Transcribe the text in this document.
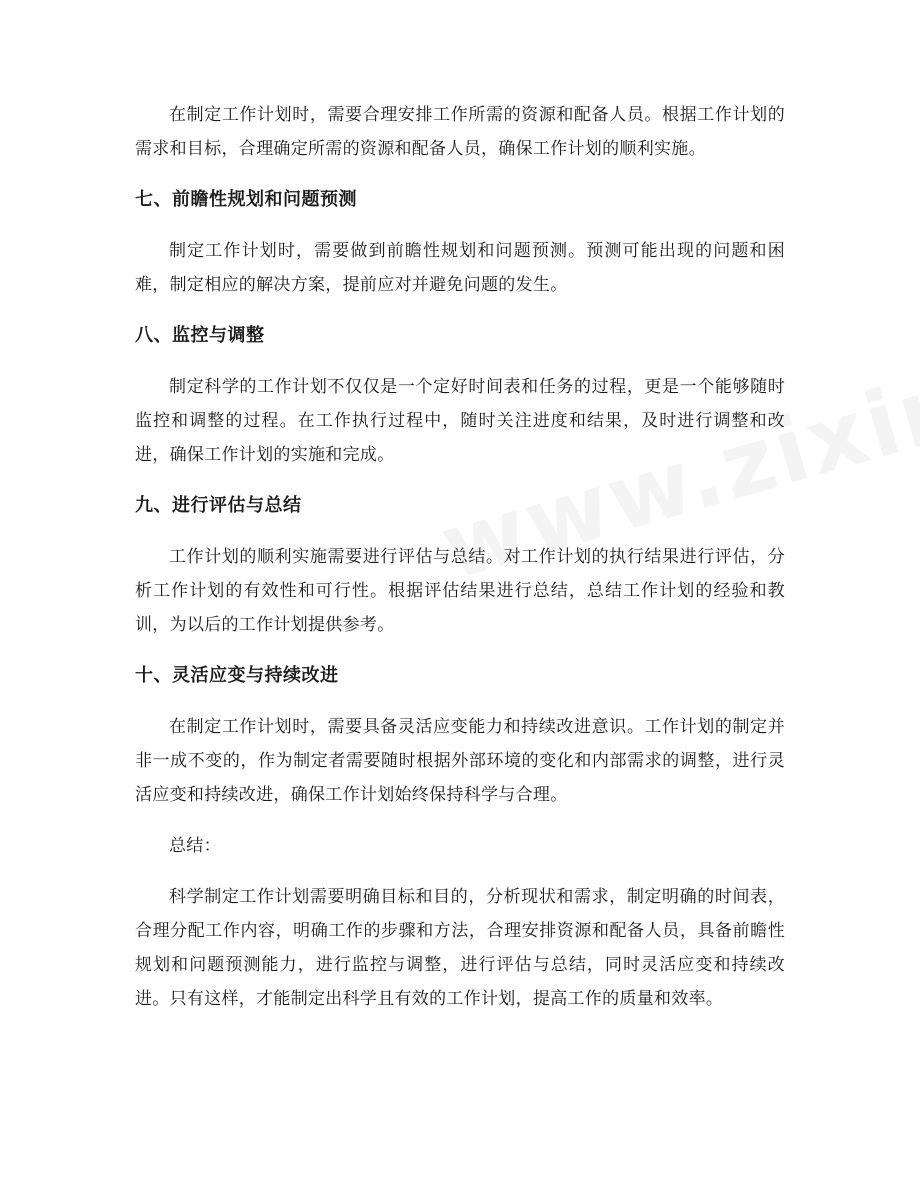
在制定工作计划时，需要合理安排工作所需的资源和配备人员。根据工作计划的需求和目标，合理确定所需的资源和配备人员，确保工作计划的顺利实施。

七、前瞻性规划和问题预测

制定工作计划时，需要做到前瞻性规划和问题预测。预测可能出现的问题和困难，制定相应的解决方案，提前应对并避免问题的发生。

八、监控与调整

制定科学的工作计划不仅仅是一个定好时间表和任务的过程，更是一个能够随时监控和调整的过程。在工作执行过程中，随时关注进度和结果，及时进行调整和改进，确保工作计划的实施和完成。

九、进行评估与总结

工作计划的顺利实施需要进行评估与总结。对工作计划的执行结果进行评估，分析工作计划的有效性和可行性。根据评估结果进行总结，总结工作计划的经验和教训，为以后的工作计划提供参考。

十、灵活应变与持续改进

在制定工作计划时，需要具备灵活应变能力和持续改进意识。工作计划的制定并非一成不变的，作为制定者需要随时根据外部环境的变化和内部需求的调整，进行灵活应变和持续改进，确保工作计划始终保持科学与合理。

总结：

科学制定工作计划需要明确目标和目的，分析现状和需求，制定明确的时间表，合理分配工作内容，明确工作的步骤和方法，合理安排资源和配备人员，具备前瞻性规划和问题预测能力，进行监控与调整，进行评估与总结，同时灵活应变和持续改进。只有这样，才能制定出科学且有效的工作计划，提高工作的质量和效率。
